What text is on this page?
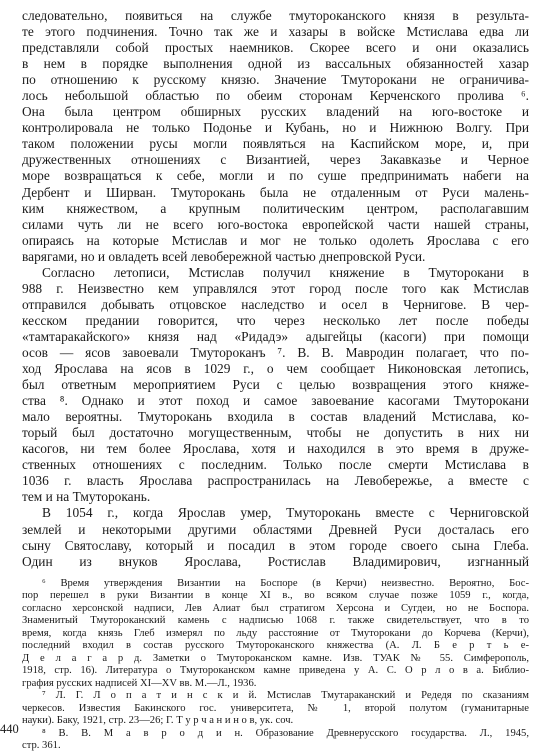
следовательно, появиться на службе тмутороканского князя в результа-
те этого подчинения. Точно так же и хазары в войске Мстислава едва ли
представляли собой простых наемников. Скорее всего и они оказались
в нем в порядке выполнения одной из вассальных обязанностей хазар
по отношению к русскому князю. Значение Тмуторокани не ограничива-
лось небольшой областью по обеим сторонам Керченского пролива ⁶.
Она была центром обширных русских владений на юго-востоке и
контролировала не только Подонье и Кубань, но и Нижнюю Волгу. При
таком положении русы могли появляться на Каспийском море, и, при
дружественных отношениях с Византией, через Закавказье и Черное
море возвращаться к себе, могли и по суше предпринимать набеги на
Дербент и Ширван. Тмуторокань была не отдаленным от Руси малень-
ким княжеством, а крупным политическим центром, располагавшим
силами чуть ли не всего юго-востока европейской части нашей страны,
опираясь на которые Мстислав и мог не только одолеть Ярослава с его
варягами, но и овладеть всей левобережной частью днепровской Руси.

Согласно летописи, Мстислав получил княжение в Тмуторокани в
988 г. Неизвестно кем управлялся этот город после того как Мстислав
отправился добывать отцовское наследство и осел в Чернигове. В чер-
кесском предании говорится, что через несколько лет после победы
«тамтаракайского» князя над «Ридадэ» адыгейцы (касоги) при помощи
осов — ясов завоевали Тмутороканъ ⁷. В. В. Мавродин полагает, что по-
ход Ярослава на ясов в 1029 г., о чем сообщает Никоновская летопись,
был ответным мероприятием Руси с целью возвращения этого княже-
ства ⁸. Однако и этот поход и самое завоевание касогами Тмуторокани
мало вероятны. Тмуторокань входила в состав владений Мстислава, ко-
торый был достаточно могущественным, чтобы не допустить в них ни
касогов, ни тем более Ярослава, хотя и находился в это время в друже-
ственных отношениях с последним. Только после смерти Мстислава в
1036 г. власть Ярослава распространилась на Левобережье, а вместе с
тем и на Тмуторокань.

В 1054 г., когда Ярослав умер, Тмуторокань вместе с Черниговской
землей и некоторыми другими областями Древней Руси досталась его
сыну Святославу, который и посадил в этом городе своего сына Глеба.
Один из внуков Ярослава, Ростислав Владимирович, изгнанный

⁶ Время утверждения Византии на Боспоре (в Керчи) неизвестно. Вероятно, Бос-
пор перешел в руки Византии в конце XI в., во всяком случае позже 1059 г., когда,
согласно херсонской надписи, Лев Алиат был стратигом Херсона и Сугдеи, но не Боспора.
Знаменитый Тмутороканский камень с надписью 1068 г. также свидетельствует, что в то
время, когда князь Глеб измерял по льду расстояние от Тмуторокани до Корчева (Керчи),
последний входил в состав русского Тмутороканского княжества (А. Л. Б е р т ь е-
Д е л а г а р д. Заметки о Тмутороканском камне. Изв. ТУАК № 55. Симферополь,
1918, стр. 16). Литература о Тмутороканском камне приведена у А. С. О р л о в а. Библио-
графия русских надписей XI—XV вв. М.—Л., 1936.
⁷ Л. Г. Л о п а т и н с к и й. Мстислав Тмутараканский и Редедя по сказаниям
черкесов. Известия Бакинского гос. университета, № 1, второй полутом (гуманитарные
науки). Баку, 1921, стр. 23—26; Г. Т у р ч а н и н о в, ук. соч.
⁸ В. В. М а в р о д и н. Образование Древнерусского государства. Л., 1945,
стр. 361.
440
